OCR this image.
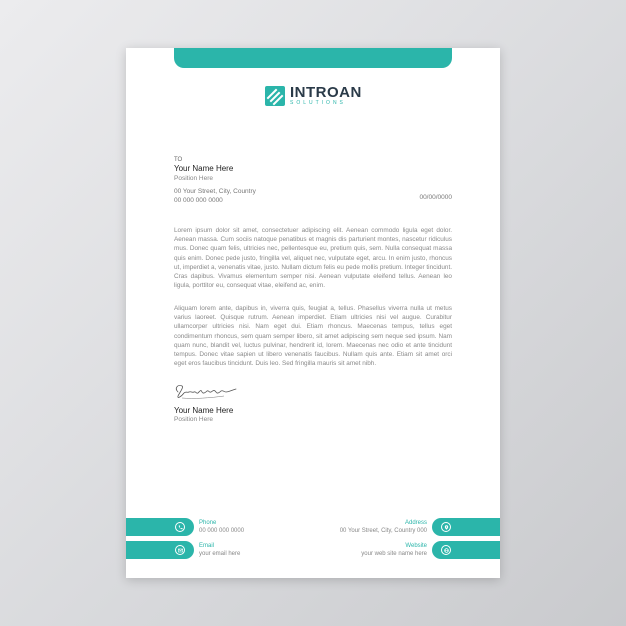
INTROAN
SOLUTIONS
TO
Your Name Here
Position Here
00 Your Street, City, Country
00 000 000 0000	00/00/0000
Lorem ipsum dolor sit amet, consectetuer adipiscing elit. Aenean commodo ligula eget dolor. Aenean massa. Cum sociis natoque penatibus et magnis dis parturient montes, nascetur ridiculus mus. Donec quam felis, ultricies nec, pellentesque eu, pretium quis, sem. Nulla consequat massa quis enim. Donec pede justo, fringilla vel, aliquet nec, vulputate eget, arcu. In enim justo, rhoncus ut, imperdiet a, venenatis vitae, justo. Nullam dictum felis eu pede mollis pretium. Integer tincidunt. Cras dapibus. Vivamus elementum semper nisi. Aenean vulputate eleifend tellus. Aenean leo ligula, porttitor eu, consequat vitae, eleifend ac, enim.
Aliquam lorem ante, dapibus in, viverra quis, feugiat a, tellus. Phasellus viverra nulla ut metus varius laoreet. Quisque rutrum. Aenean imperdiet. Etiam ultricies nisi vel augue. Curabitur ullamcorper ultricies nisi. Nam eget dui. Etiam rhoncus. Maecenas tempus, tellus eget condimentum rhoncus, sem quam semper libero, sit amet adipiscing sem neque sed ipsum. Nam quam nunc, blandit vel, luctus pulvinar, hendrerit id, lorem. Maecenas nec odio et ante tincidunt tempus. Donec vitae sapien ut libero venenatis faucibus. Nullam quis ante. Etiam sit amet orci eget eros faucibus tincidunt. Duis leo. Sed fringilla mauris sit amet nibh.
Your Name Here
Position Here
Phone
00 000 000 0000
Email
your email here
Address
00 Your Street, City, Country 000
Website
your web site name here
